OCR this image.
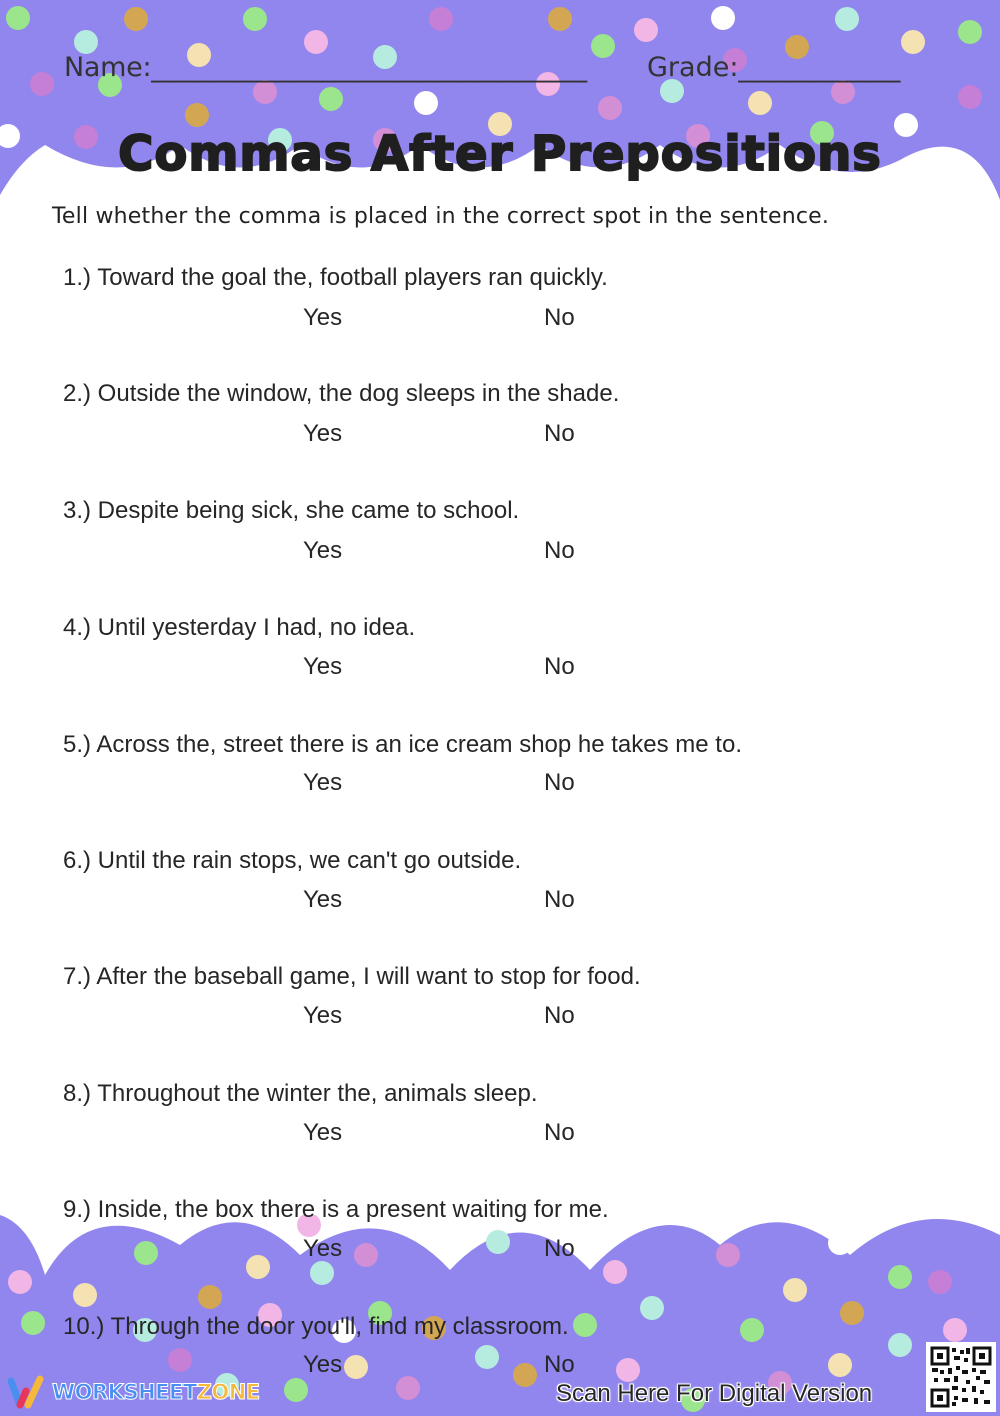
Name:_________________________________ Grade:____________
Commas After Prepositions
Tell whether the comma is placed in the correct spot in the sentence.
1.) Toward the goal the, football players ran quickly.
Yes	No
2.) Outside the window, the dog sleeps in the shade.
Yes	No
3.) Despite being sick, she came to school.
Yes	No
4.) Until yesterday I had, no idea.
Yes	No
5.) Across the, street there is an ice cream shop he takes me to.
Yes	No
6.) Until the rain stops, we can't go outside.
Yes	No
7.) After the baseball game, I will want to stop for food.
Yes	No
8.) Throughout the winter the, animals sleep.
Yes	No
9.) Inside, the box there is a present waiting for me.
Yes	No
10.) Through the door you'll, find my classroom.
Yes	No
WORKSHEETZONE	Scan Here For Digital Version
